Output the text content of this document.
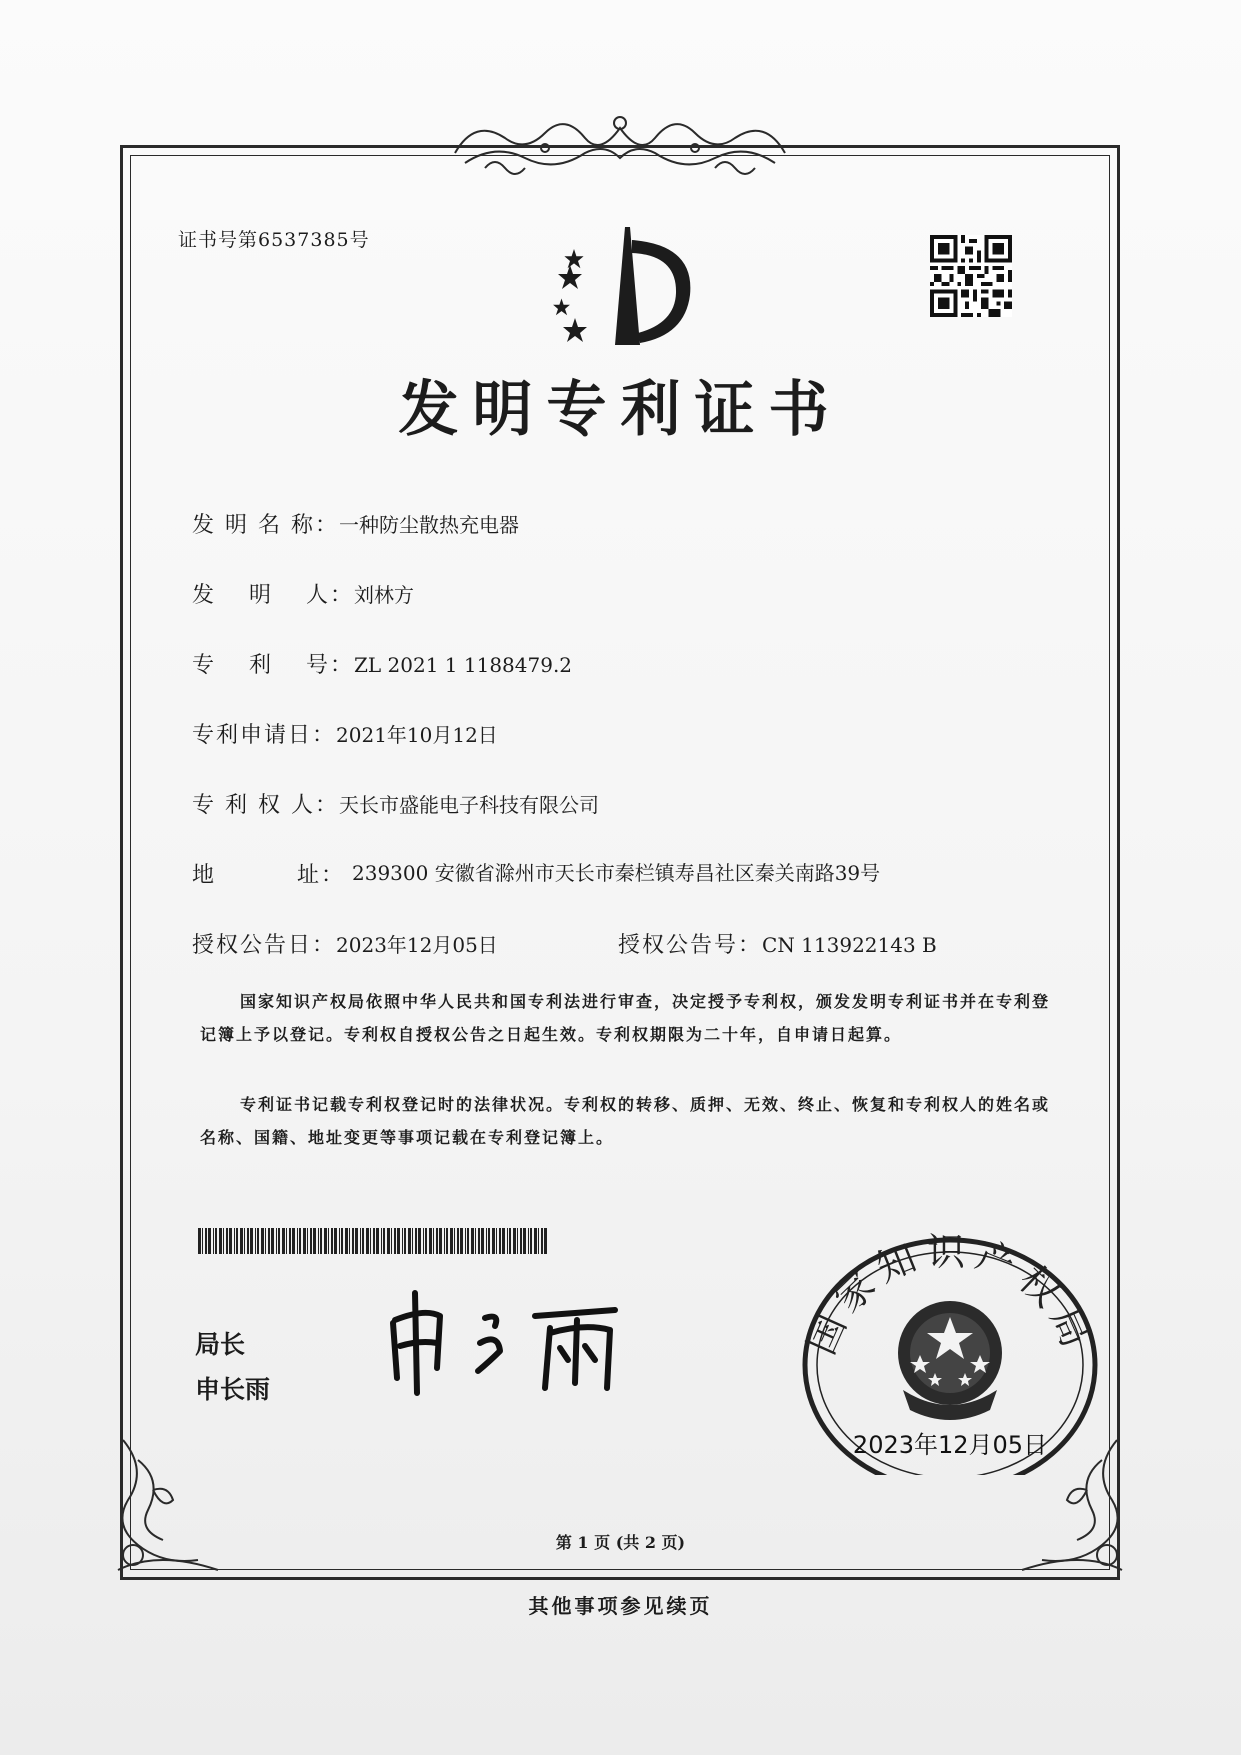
证书号第6537385号
发明专利证书
发 明 名 称：一种防尘散热充电器
发　 明　 人：刘林方
专　 利　 号：ZL 2021 1 1188479.2
专利申请日：2021年10月12日
专 利 权 人：天长市盛能电子科技有限公司
地　　　 址： 239300 安徽省滁州市天长市秦栏镇寿昌社区秦关南路39号
授权公告日：2023年12月05日	授权公告号：CN 113922143 B
国家知识产权局依照中华人民共和国专利法进行审查，决定授予专利权，颁发发明专利证书并在专利登记簿上予以登记。专利权自授权公告之日起生效。专利权期限为二十年，自申请日起算。
专利证书记载专利权登记时的法律状况。专利权的转移、质押、无效、终止、恢复和专利权人的姓名或名称、国籍、地址变更等事项记载在专利登记簿上。
局长
申长雨
国家知识产权局
2023年12月05日
第 1 页 (共 2 页)
其他事项参见续页
